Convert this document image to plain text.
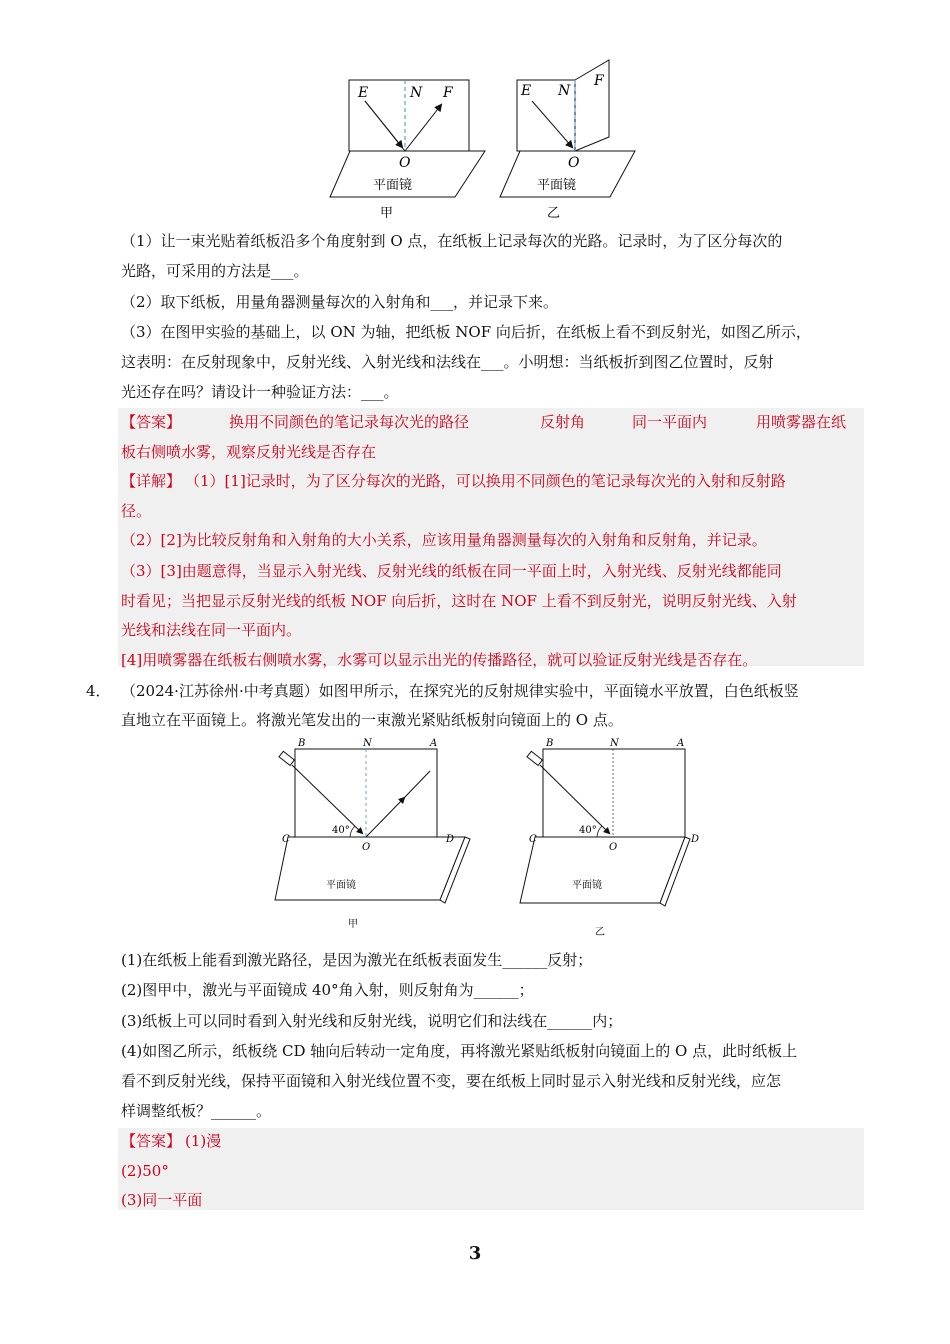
E	N F
O
平面镜
甲
E N
F
O
平面镜
乙
（1）让一束光贴着纸板沿多个角度射到 O 点，在纸板上记录每次的光路。记录时，为了区分每次的
光路，可采用的方法是___。
（2）取下纸板，用量角器测量每次的入射角和___，并记录下来。
（3）在图甲实验的基础上，以 ON 为轴，把纸板 NOF 向后折，在纸板上看不到反射光，如图乙所示，
这表明：在反射现象中，反射光线、入射光线和法线在___。小明想：当纸板折到图乙位置时，反射
光还存在吗？请设计一种验证方法：___。
【答案】	换用不同颜色的笔记录每次光的路径	反射角	同一平面内	用喷雾器在纸
板右侧喷水雾，观察反射光线是否存在
【详解】 （1）[1]记录时，为了区分每次的光路，可以换用不同颜色的笔记录每次光的入射和反射路
径。
（2）[2]为比较反射角和入射角的大小关系，应该用量角器测量每次的入射角和反射角，并记录。
（3）[3]由题意得，当显示入射光线、反射光线的纸板在同一平面上时，入射光线、反射光线都能同
时看见；当把显示反射光线的纸板 NOF 向后折，这时在 NOF 上看不到反射光，说明反射光线、入射
光线和法线在同一平面内。
[4]用喷雾器在纸板右侧喷水雾，水雾可以显示出光的传播路径，就可以验证反射光线是否存在。
4． （2024·江苏徐州·中考真题）如图甲所示，在探究光的反射规律实验中，平面镜水平放置，白色纸板竖
直地立在平面镜上。将激光笔发出的一束激光紧贴纸板射向镜面上的 O 点。
B	N	A
C
O
D
40°
平面镜
甲
B	N	A
C
O
D
40°
平面镜
乙
(1)在纸板上能看到激光路径，是因为激光在纸板表面发生______反射；
(2)图甲中，激光与平面镜成 40°角入射，则反射角为______；
(3)纸板上可以同时看到入射光线和反射光线，说明它们和法线在______内；
(4)如图乙所示，纸板绕 CD 轴向后转动一定角度，再将激光紧贴纸板射向镜面上的 O 点，此时纸板上
看不到反射光线，保持平面镜和入射光线位置不变，要在纸板上同时显示入射光线和反射光线，应怎
样调整纸板？______。
【答案】 (1)漫
(2)50°
(3)同一平面
3
